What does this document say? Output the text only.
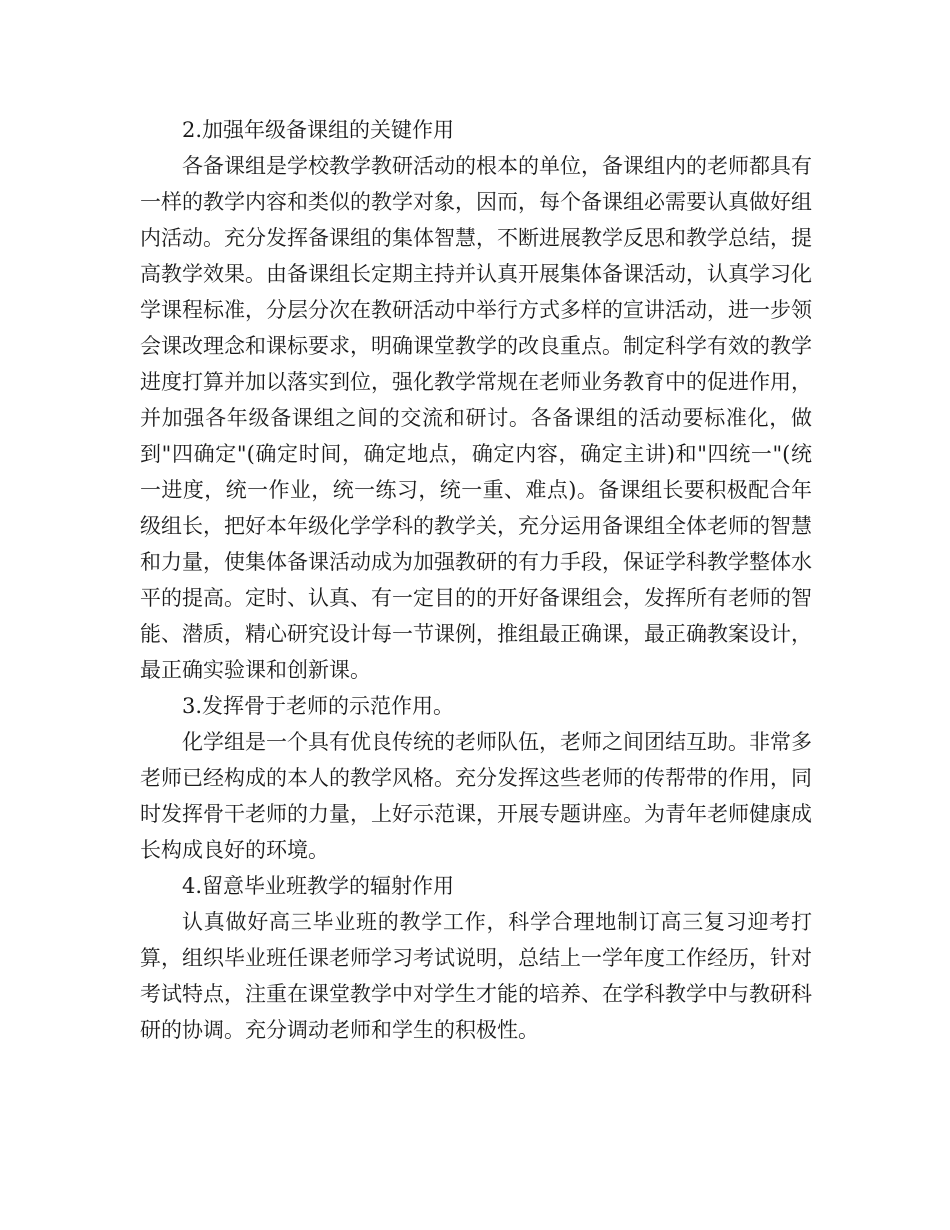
2.加强年级备课组的关键作用

各备课组是学校教学教研活动的根本的单位，备课组内的老师都具有一样的教学内容和类似的教学对象，因而，每个备课组必需要认真做好组内活动。充分发挥备课组的集体智慧，不断进展教学反思和教学总结，提高教学效果。由备课组长定期主持并认真开展集体备课活动，认真学习化学课程标准，分层分次在教研活动中举行方式多样的宣讲活动，进一步领会课改理念和课标要求，明确课堂教学的改良重点。制定科学有效的教学进度打算并加以落实到位，强化教学常规在老师业务教育中的促进作用，并加强各年级备课组之间的交流和研讨。各备课组的活动要标准化，做到"四确定"(确定时间，确定地点，确定内容，确定主讲)和"四统一"(统一进度，统一作业，统一练习，统一重、难点)。备课组长要积极配合年级组长，把好本年级化学学科的教学关，充分运用备课组全体老师的智慧和力量，使集体备课活动成为加强教研的有力手段，保证学科教学整体水平的提高。定时、认真、有一定目的的开好备课组会，发挥所有老师的智能、潜质，精心研究设计每一节课例，推组最正确课，最正确教案设计，最正确实验课和创新课。

3.发挥骨于老师的示范作用。

化学组是一个具有优良传统的老师队伍，老师之间团结互助。非常多老师已经构成的本人的教学风格。充分发挥这些老师的传帮带的作用，同时发挥骨干老师的力量，上好示范课，开展专题讲座。为青年老师健康成长构成良好的环境。

4.留意毕业班教学的辐射作用

认真做好高三毕业班的教学工作，科学合理地制订高三复习迎考打算，组织毕业班任课老师学习考试说明，总结上一学年度工作经历，针对考试特点，注重在课堂教学中对学生才能的培养、在学科教学中与教研科研的协调。充分调动老师和学生的积极性。
